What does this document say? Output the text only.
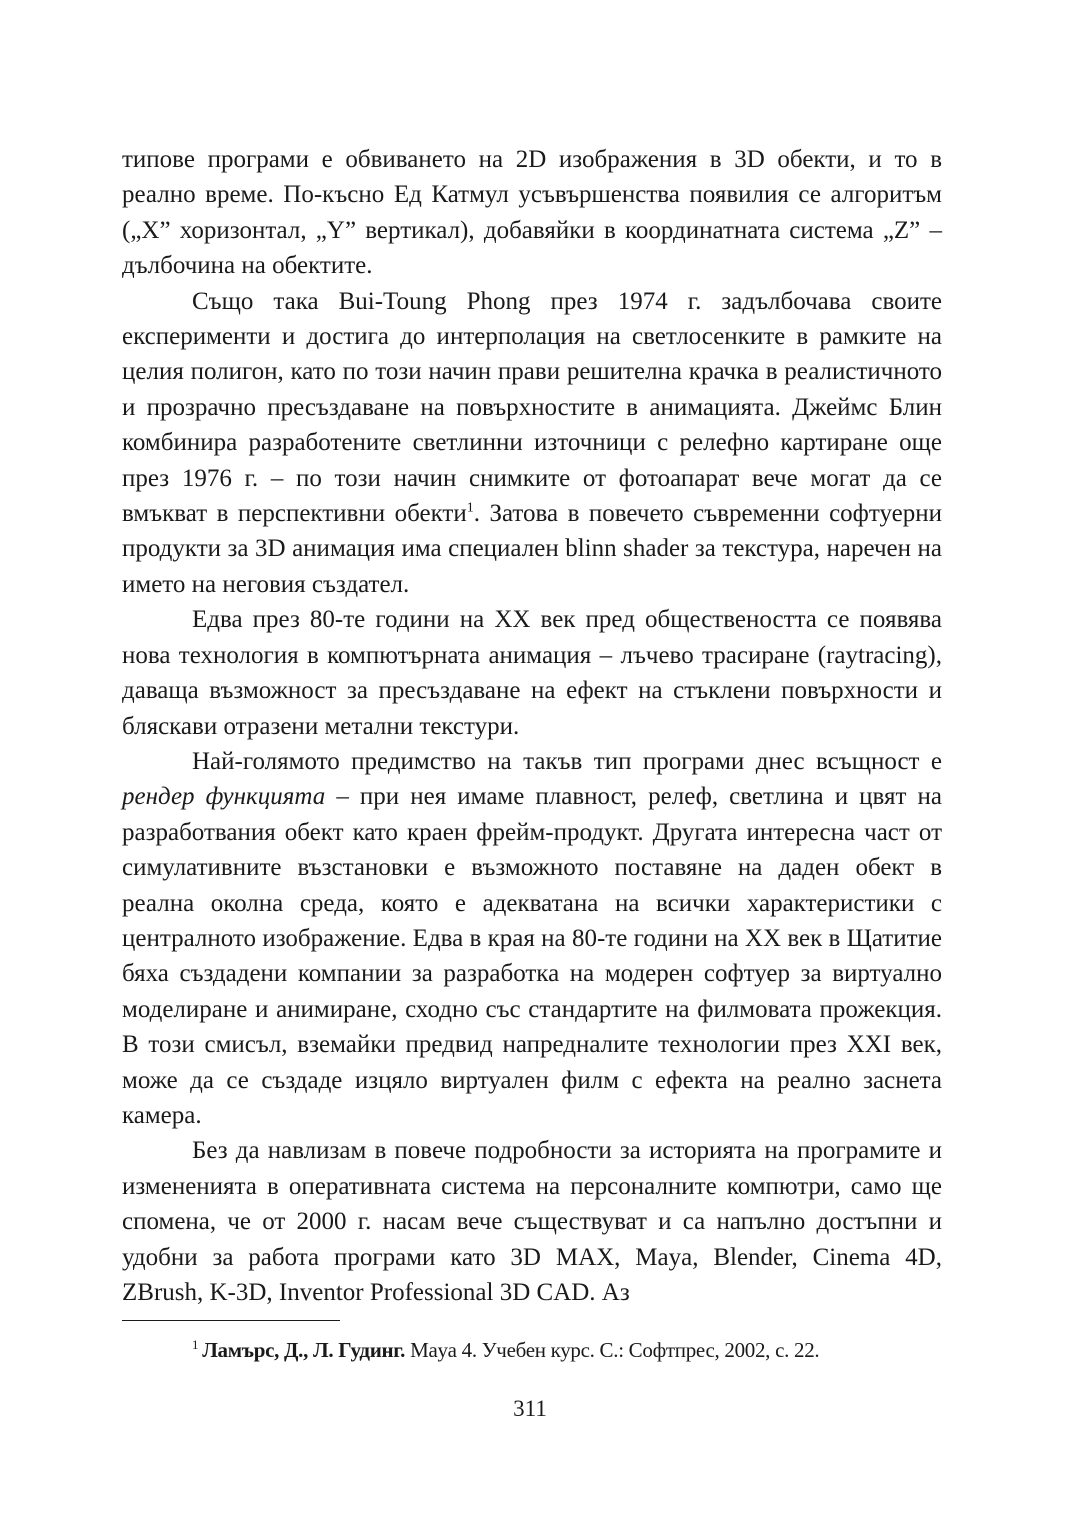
типове програми е обвиването на 2D изображения в 3D обекти, и то в реално време. По-късно Ед Катмул усъвършенства появилия се алгоритъм („X” хоризонтал, „Y” вертикал), добавяйки в координатната система „Z” – дълбочина на обектите.

Също така Bui-Toung Phong през 1974 г. задълбочава своите експерименти и достига до интерполация на светлосенките в рамките на целия полигон, като по този начин прави решителна крачка в реалистичното и прозрачно пресъздаване на повърхностите в анимацията. Джеймс Блин комбинира разработените светлинни източници с релефно картиране още през 1976 г. – по този начин снимките от фотоапарат вече могат да се вмъкват в перспективни обекти$^1$. Затова в повечето съвременни софтуерни продукти за 3D анимация има специален blinn shader за текстура, наречен на името на неговия създател.

Едва през 80-те години на XX век пред обществеността се появява нова технология в компютърната анимация – лъчево трасиране (raytracing), даваща възможност за пресъздаване на ефект на стъклени повърхности и бляскави отразени метални текстури.

Най-голямото предимство на такъв тип програми днес всъщност е рендер функцията – при нея имаме плавност, релеф, светлина и цвят на разработвания обект като краен фрейм-продукт. Другата интересна част от симулативните възстановки е възможното поставяне на даден обект в реална околна среда, която е адекватана на всички характеристики с централното изображение. Едва в края на 80-те години на XX век в Щатитие бяха създадени компании за разработка на модерен софтуер за виртуално моделиране и анимиране, сходно със стандартите на филмовата прожекция. В този смисъл, вземайки предвид напредналите технологии през XXI век, може да се създаде изцяло виртуален филм с ефекта на реално заснета камера.

Без да навлизам в повече подробности за историята на програмите и измененията в оперативната система на персоналните компютри, само ще спомена, че от 2000 г. насам вече съществуват и са напълно достъпни и удобни за работа програми като 3D MAX, Maya, Blender, Cinema 4D, ZBrush, K-3D, Inventor Professional 3D CAD. Аз

$^1$ Ламърс, Д., Л. Гудинг. Maya 4. Учебен курс. С.: Софтпрес, 2002, с. 22.
311
